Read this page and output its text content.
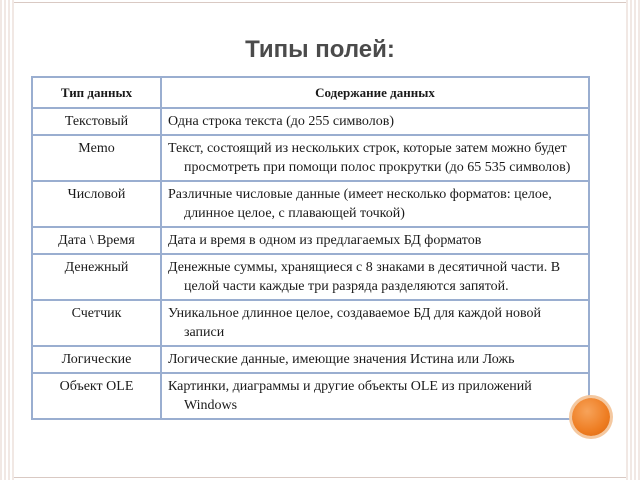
Типы полей:
Тип данных	Содержание данных
Текстовый	Одна строка текста (до 255 символов)

Memo	Текст, состоящий из нескольких строк, которые затем можно будет просмотреть при помощи полос прокрутки (до 65 535 символов)

Числовой	Различные числовые данные (имеет несколько форматов: целое, длинное целое, с плавающей точкой)

Дата \ Время	Дата и время в одном из предлагаемых БД форматов

Денежный	Денежные суммы, хранящиеся с 8 знаками в десятичной части. В целой части каждые три разряда разделяются запятой.

Счетчик	Уникальное длинное целое, создаваемое БД для каждой новой записи

Логические	Логические данные, имеющие значения Истина или Ложь

Объект OLE	Картинки, диаграммы и другие объекты OLE из приложений Windows
